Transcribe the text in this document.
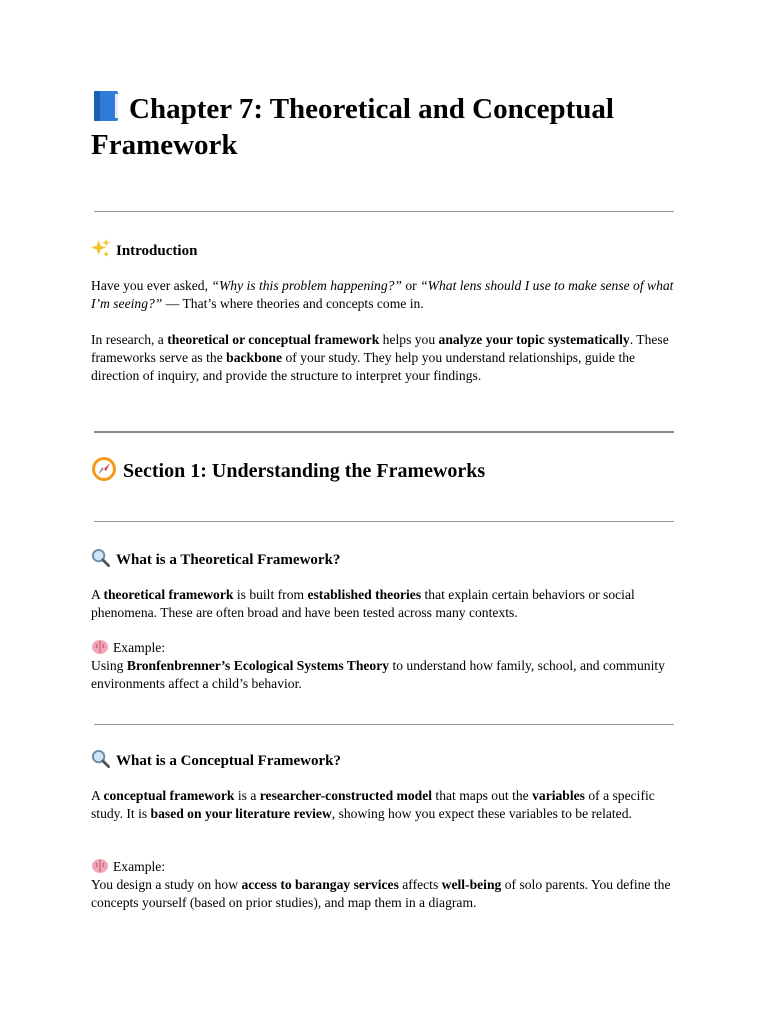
Chapter 7: Theoretical and Conceptual Framework
Introduction

Have you ever asked, “Why is this problem happening?” or “What lens should I use to make sense of what I’m seeing?” — That’s where theories and concepts come in.

In research, a theoretical or conceptual framework helps you analyze your topic systematically. These frameworks serve as the backbone of your study. They help you understand relationships, guide the direction of inquiry, and provide the structure to interpret your findings.

Section 1: Understanding the Frameworks
What is a Theoretical Framework?

A theoretical framework is built from established theories that explain certain behaviors or social phenomena. These are often broad and have been tested across many contexts.

Example:

Using Bronfenbrenner’s Ecological Systems Theory to understand how family, school, and community environments affect a child’s behavior.

What is a Conceptual Framework?

A conceptual framework is a researcher-constructed model that maps out the variables of a specific study. It is based on your literature review, showing how you expect these variables to be related.

Example:

You design a study on how access to barangay services affects well-being of solo parents. You define the concepts yourself (based on prior studies), and map them in a diagram.
